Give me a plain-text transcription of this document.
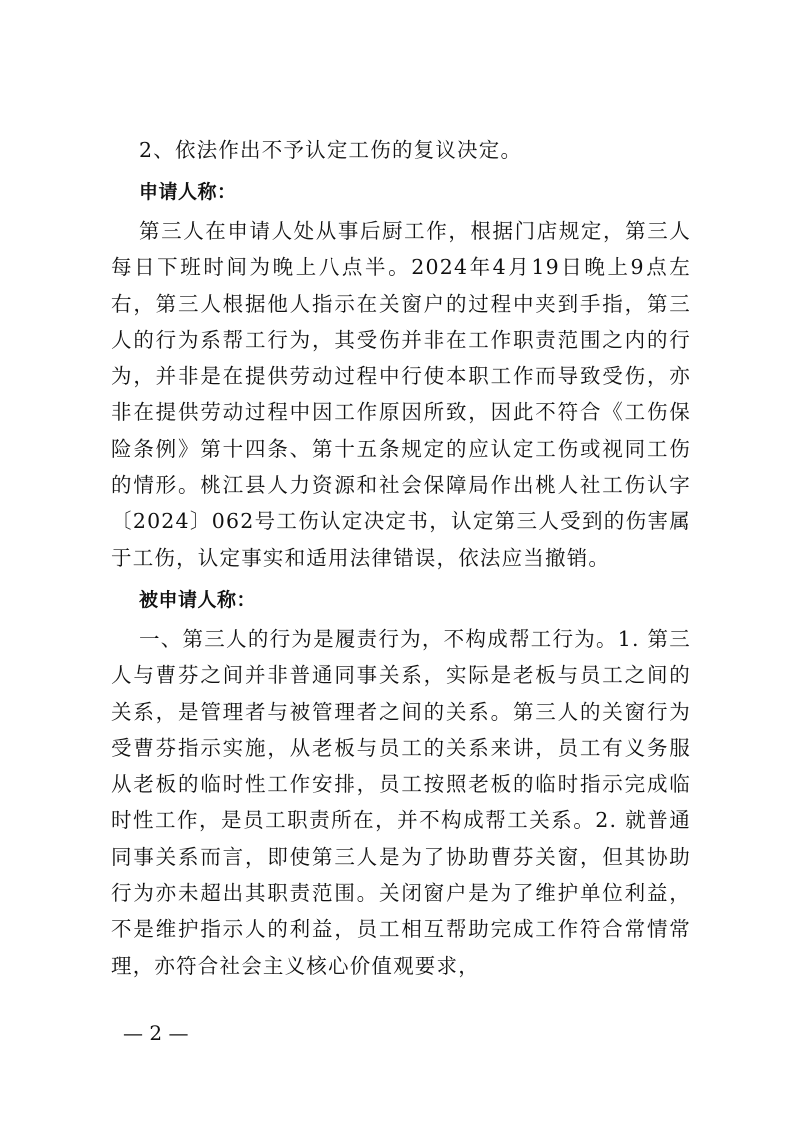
2、依法作出不予认定工伤的复议决定。
申请人称：

第三人在申请人处从事后厨工作，根据门店规定，第三人每日下班时间为晚上八点半。2024年4月19日晚上9点左右，第三人根据他人指示在关窗户的过程中夹到手指，第三人的行为系帮工行为，其受伤并非在工作职责范围之内的行为，并非是在提供劳动过程中行使本职工作而导致受伤，亦非在提供劳动过程中因工作原因所致，因此不符合《工伤保险条例》第十四条、第十五条规定的应认定工伤或视同工伤的情形。桃江县人力资源和社会保障局作出桃人社工伤认字〔2024〕062号工伤认定决定书，认定第三人受到的伤害属于工伤，认定事实和适用法律错误，依法应当撤销。

被申请人称：

一、第三人的行为是履责行为，不构成帮工行为。1. 第三人与曹芬之间并非普通同事关系，实际是老板与员工之间的关系，是管理者与被管理者之间的关系。第三人的关窗行为受曹芬指示实施，从老板与员工的关系来讲，员工有义务服从老板的临时性工作安排，员工按照老板的临时指示完成临时性工作，是员工职责所在，并不构成帮工关系。2. 就普通同事关系而言，即使第三人是为了协助曹芬关窗，但其协助行为亦未超出其职责范围。关闭窗户是为了维护单位利益，不是维护指示人的利益，员工相互帮助完成工作符合常情常理，亦符合社会主义核心价值观要求，

— 2 —
